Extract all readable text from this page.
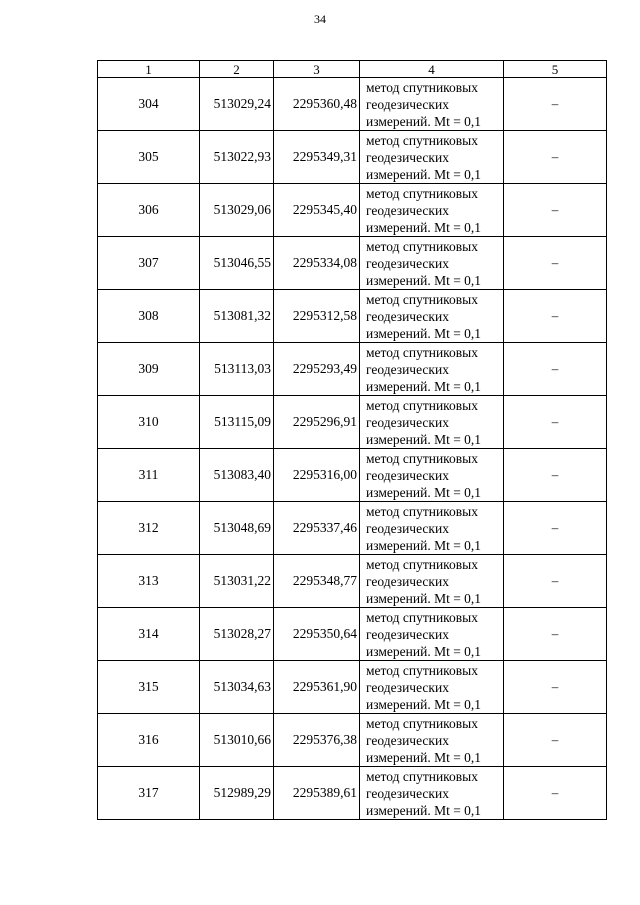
34
1	2	3	4	5
304	513029,24	2295360,48	метод спутниковых геодезических измерений. Mt = 0,1	–
305	513022,93	2295349,31	метод спутниковых геодезических измерений. Mt = 0,1	–
306	513029,06	2295345,40	метод спутниковых геодезических измерений. Mt = 0,1	–
307	513046,55	2295334,08	метод спутниковых геодезических измерений. Mt = 0,1	–
308	513081,32	2295312,58	метод спутниковых геодезических измерений. Mt = 0,1	–
309	513113,03	2295293,49	метод спутниковых геодезических измерений. Mt = 0,1	–
310	513115,09	2295296,91	метод спутниковых геодезических измерений. Mt = 0,1	–
311	513083,40	2295316,00	метод спутниковых геодезических измерений. Mt = 0,1	–
312	513048,69	2295337,46	метод спутниковых геодезических измерений. Mt = 0,1	–
313	513031,22	2295348,77	метод спутниковых геодезических измерений. Mt = 0,1	–
314	513028,27	2295350,64	метод спутниковых геодезических измерений. Mt = 0,1	–
315	513034,63	2295361,90	метод спутниковых геодезических измерений. Mt = 0,1	–
316	513010,66	2295376,38	метод спутниковых геодезических измерений. Mt = 0,1	–
317	512989,29	2295389,61	метод спутниковых геодезических измерений. Mt = 0,1	–
